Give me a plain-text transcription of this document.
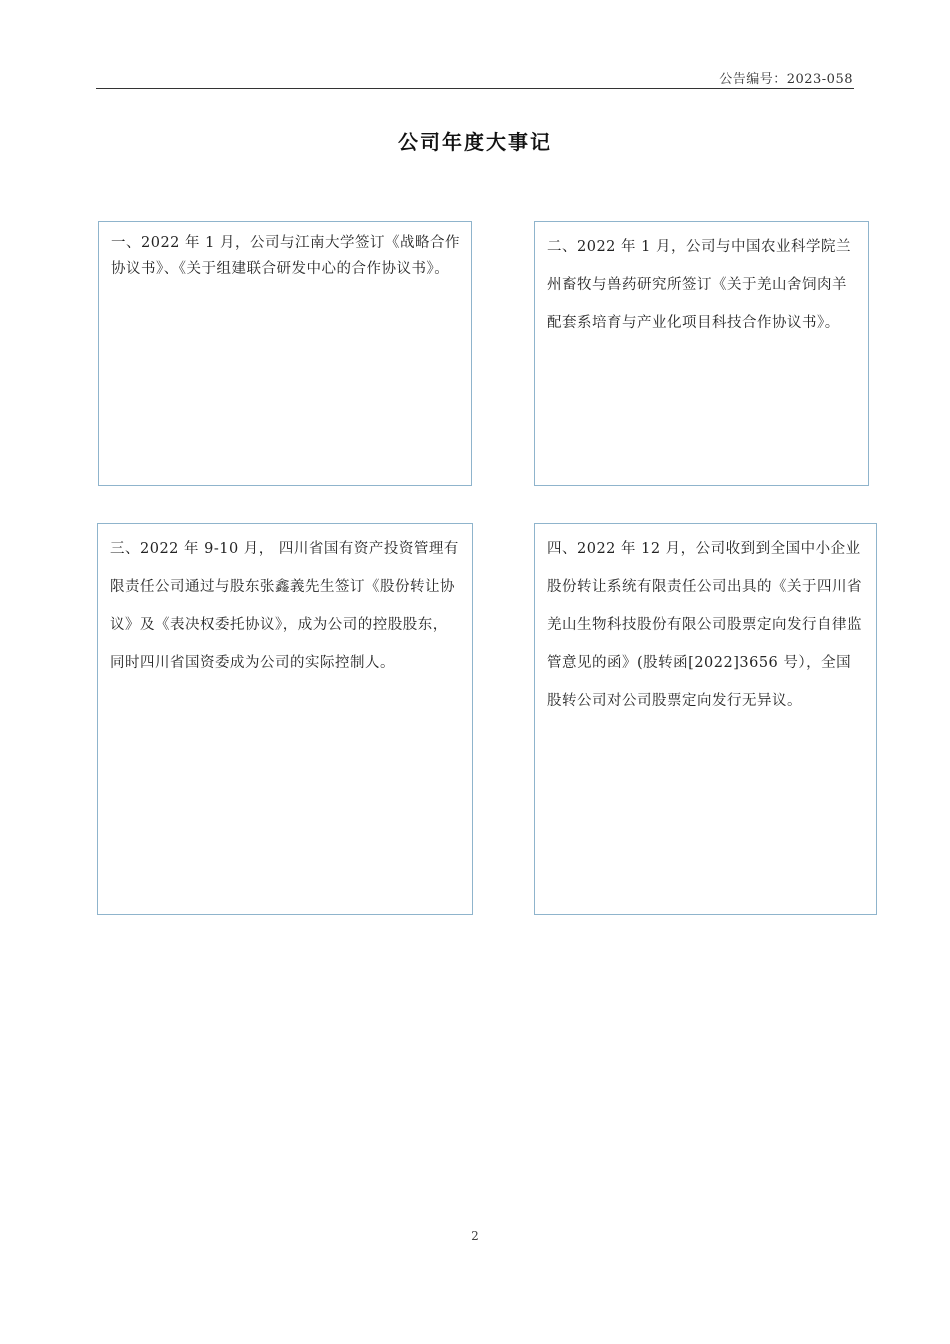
公告编号：2023-058
公司年度大事记
一、2022 年 1 月，公司与江南大学签订《战略合作协议书》、《关于组建联合研发中心的合作协议书》。
二、2022 年 1 月，公司与中国农业科学院兰州畜牧与兽药研究所签订《关于羌山舍饲肉羊配套系培育与产业化项目科技合作协议书》。
三、2022 年 9-10 月， 四川省国有资产投资管理有限责任公司通过与股东张鑫義先生签订《股份转让协议》及《表决权委托协议》，成为公司的控股股东，同时四川省国资委成为公司的实际控制人。
四、2022 年 12 月，公司收到到全国中小企业股份转让系统有限责任公司出具的《关于四川省羌山生物科技股份有限公司股票定向发行自律监管意见的函》(股转函[2022]3656 号），全国股转公司对公司股票定向发行无异议。
2
